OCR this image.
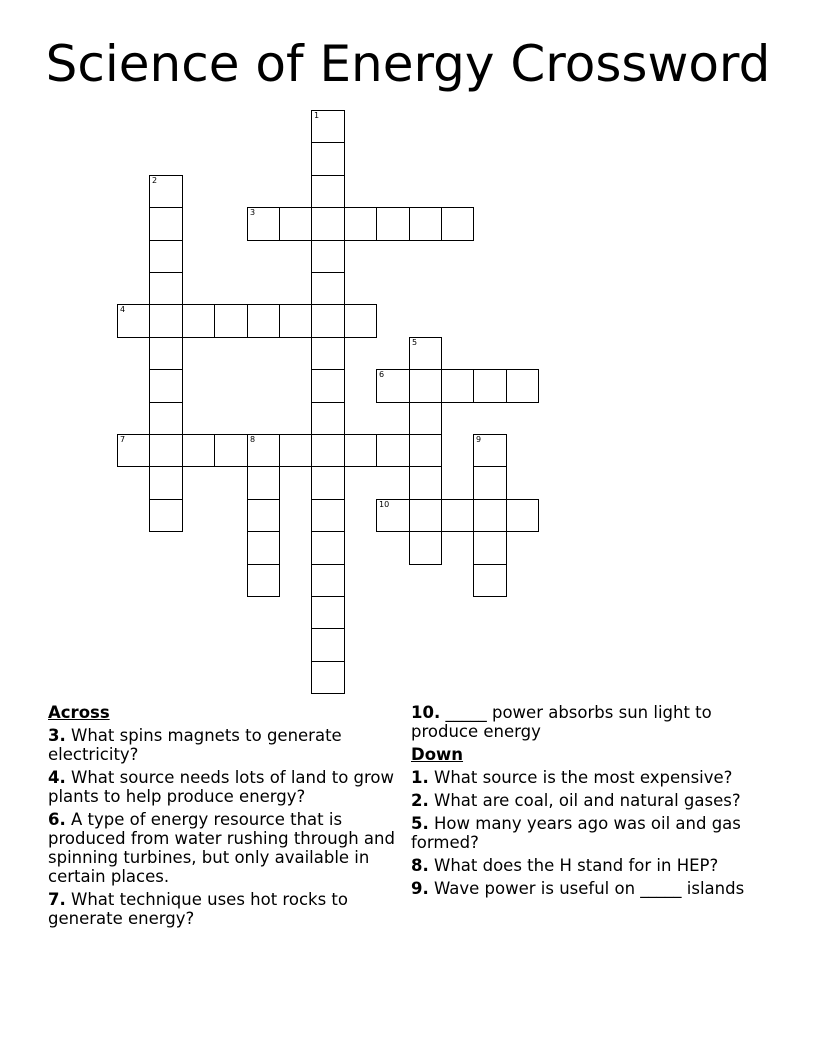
Science of Energy Crossword
1
2
3
4
5
6
7	8	9
10
Across
3. What spins magnets to generate electricity?
4. What source needs lots of land to grow plants to help produce energy?
6. A type of energy resource that is produced from water rushing through and spinning turbines, but only available in certain places.
7. What technique uses hot rocks to generate energy?
10. _____ power absorbs sun light to produce energy
Down
1. What source is the most expensive?
2. What are coal, oil and natural gases?
5. How many years ago was oil and gas formed?
8. What does the H stand for in HEP?
9. Wave power is useful on _____ islands
